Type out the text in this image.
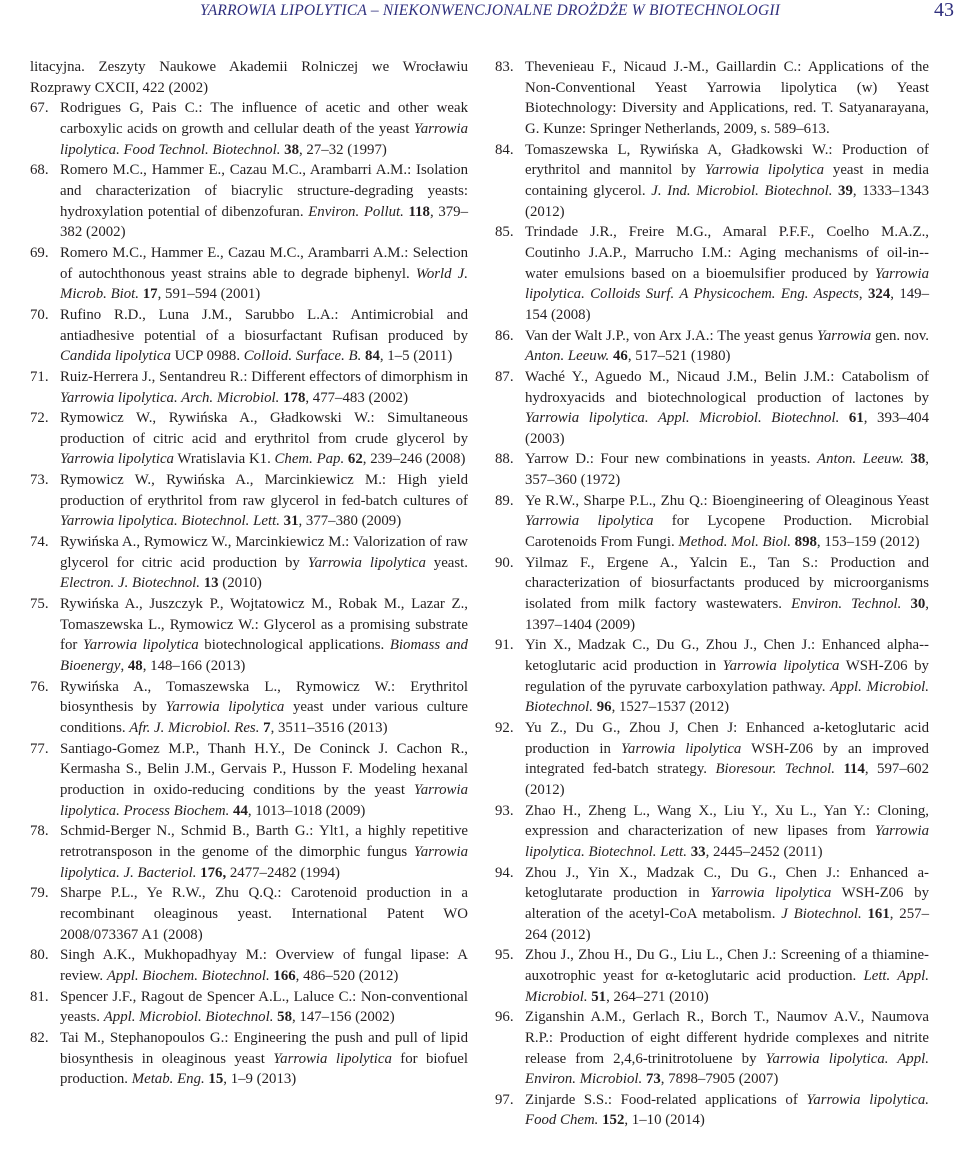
YARROWIA LIPOLYTICA – NIEKONWENCJONALNE DROŻDŻE W BIOTECHNOLOGII	43

litacyjna. Zeszyty Naukowe Akademii Rolniczej we Wrocławiu Rozprawy CXCII, 422 (2002)

67. Rodrigues G, Pais C.: The influence of acetic and other weak carboxylic acids on growth and cellular death of the yeast Yarrowia lipolytica. Food Technol. Biotechnol. 38, 27–32 (1997)

68. Romero M.C., Hammer E., Cazau M.C., Arambarri A.M.: Isolation and characterization of biacrylic structure-degrading yeasts: hydroxylation potential of dibenzofuran. Environ. Pollut. 118, 379–382 (2002)

69. Romero M.C., Hammer E., Cazau M.C., Arambarri A.M.: Selection of autochthonous yeast strains able to degrade biphenyl. World J. Microb. Biot. 17, 591–594 (2001)

70. Rufino R.D., Luna J.M., Sarubbo L.A.: Antimicrobial and antiadhesive potential of a biosurfactant Rufisan produced by Candida lipolytica UCP 0988. Colloid. Surface. B. 84, 1–5 (2011)

71. Ruiz-Herrera J., Sentandreu R.: Different effectors of dimorphism in Yarrowia lipolytica. Arch. Microbiol. 178, 477–483 (2002)

72. Rymowicz W., Rywińska A., Gładkowski W.: Simultaneous production of citric acid and erythritol from crude glycerol by Yarrowia lipolytica Wratislavia K1. Chem. Pap. 62, 239–246 (2008)

73. Rymowicz W., Rywińska A., Marcinkiewicz M.: High yield production of erythritol from raw glycerol in fed-batch cultures of Yarrowia lipolytica. Biotechnol. Lett. 31, 377–380 (2009)

74. Rywińska A., Rymowicz W., Marcinkiewicz M.: Valorization of raw glycerol for citric acid production by Yarrowia lipolytica yeast. Electron. J. Biotechnol. 13 (2010)

75. Rywińska A., Juszczyk P., Wojtatowicz M., Robak M., Lazar Z., Tomaszewska L., Rymowicz W.: Glycerol as a promising substrate for Yarrowia lipolytica biotechnological applications. Biomass and Bioenergy, 48, 148–166 (2013)

76. Rywińska A., Tomaszewska L., Rymowicz W.: Erythritol biosynthesis by Yarrowia lipolytica yeast under various culture conditions. Afr. J. Microbiol. Res. 7, 3511–3516 (2013)

77. Santiago-Gomez M.P., Thanh H.Y., De Coninck J. Cachon R., Kermasha S., Belin J.M., Gervais P., Husson F. Modeling hexanal production in oxido-reducing conditions by the yeast Yarrowia lipolytica. Process Biochem. 44, 1013–1018 (2009)

78. Schmid-Berger N., Schmid B., Barth G.: Ylt1, a highly repetitive retrotransposon in the genome of the dimorphic fungus Yarrowia lipolytica. J. Bacteriol. 176, 2477–2482 (1994)

79. Sharpe P.L., Ye R.W., Zhu Q.Q.: Carotenoid production in a recombinant oleaginous yeast. International Patent WO 2008/073367 A1 (2008)

80. Singh A.K., Mukhopadhyay M.: Overview of fungal lipase: A review. Appl. Biochem. Biotechnol. 166, 486–520 (2012)

81. Spencer J.F., Ragout de Spencer A.L., Laluce C.: Non-conventional yeasts. Appl. Microbiol. Biotechnol. 58, 147–156 (2002)

82. Tai M., Stephanopoulos G.: Engineering the push and pull of lipid biosynthesis in oleaginous yeast Yarrowia lipolytica for biofuel production. Metab. Eng. 15, 1–9 (2013)

83. Thevenieau F., Nicaud J.-M., Gaillardin C.: Applications of the Non-Conventional Yeast Yarrowia lipolytica (w) Yeast Biotechnology: Diversity and Applications, red. T. Satyanarayana, G. Kunze: Springer Netherlands, 2009, s. 589–613.

84. Tomaszewska L, Rywińska A, Gładkowski W.: Production of erythritol and mannitol by Yarrowia lipolytica yeast in media containing glycerol. J. Ind. Microbiol. Biotechnol. 39, 1333–1343 (2012)

85. Trindade J.R., Freire M.G., Amaral P.F.F., Coelho M.A.Z., Coutinho J.A.P., Marrucho I.M.: Aging mechanisms of oil-in--water emulsions based on a bioemulsifier produced by Yarrowia lipolytica. Colloids Surf. A Physicochem. Eng. Aspects, 324, 149–154 (2008)

86. Van der Walt J.P., von Arx J.A.: The yeast genus Yarrowia gen. nov. Anton. Leeuw. 46, 517–521 (1980)

87. Waché Y., Aguedo M., Nicaud J.M., Belin J.M.: Catabolism of hydroxyacids and biotechnological production of lactones by Yarrowia lipolytica. Appl. Microbiol. Biotechnol. 61, 393–404 (2003)

88. Yarrow D.: Four new combinations in yeasts. Anton. Leeuw. 38, 357–360 (1972)

89. Ye R.W., Sharpe P.L., Zhu Q.: Bioengineering of Oleaginous Yeast Yarrowia lipolytica for Lycopene Production. Microbial Carotenoids From Fungi. Method. Mol. Biol. 898, 153–159 (2012)

90. Yilmaz F., Ergene A., Yalcin E., Tan S.: Production and characterization of biosurfactants produced by microorganisms isolated from milk factory wastewaters. Environ. Technol. 30, 1397–1404 (2009)

91. Yin X., Madzak C., Du G., Zhou J., Chen J.: Enhanced alpha--ketoglutaric acid production in Yarrowia lipolytica WSH-Z06 by regulation of the pyruvate carboxylation pathway. Appl. Microbiol. Biotechnol. 96, 1527–1537 (2012)

92. Yu Z., Du G., Zhou J, Chen J: Enhanced a-ketoglutaric acid production in Yarrowia lipolytica WSH-Z06 by an improved integrated fed-batch strategy. Bioresour. Technol. 114, 597–602 (2012)

93. Zhao H., Zheng L., Wang X., Liu Y., Xu L., Yan Y.: Cloning, expression and characterization of new lipases from Yarrowia lipolytica. Biotechnol. Lett. 33, 2445–2452 (2011)

94. Zhou J., Yin X., Madzak C., Du G., Chen J.: Enhanced a-ketoglutarate production in Yarrowia lipolytica WSH-Z06 by alteration of the acetyl-CoA metabolism. J Biotechnol. 161, 257–264 (2012)

95. Zhou J., Zhou H., Du G., Liu L., Chen J.: Screening of a thiamine-auxotrophic yeast for α-ketoglutaric acid production. Lett. Appl. Microbiol. 51, 264–271 (2010)

96. Ziganshin A.M., Gerlach R., Borch T., Naumov A.V., Naumova R.P.: Production of eight different hydride complexes and nitrite release from 2,4,6-trinitrotoluene by Yarrowia lipolytica. Appl. Environ. Microbiol. 73, 7898–7905 (2007)

97. Zinjarde S.S.: Food-related applications of Yarrowia lipolytica. Food Chem. 152, 1–10 (2014)
